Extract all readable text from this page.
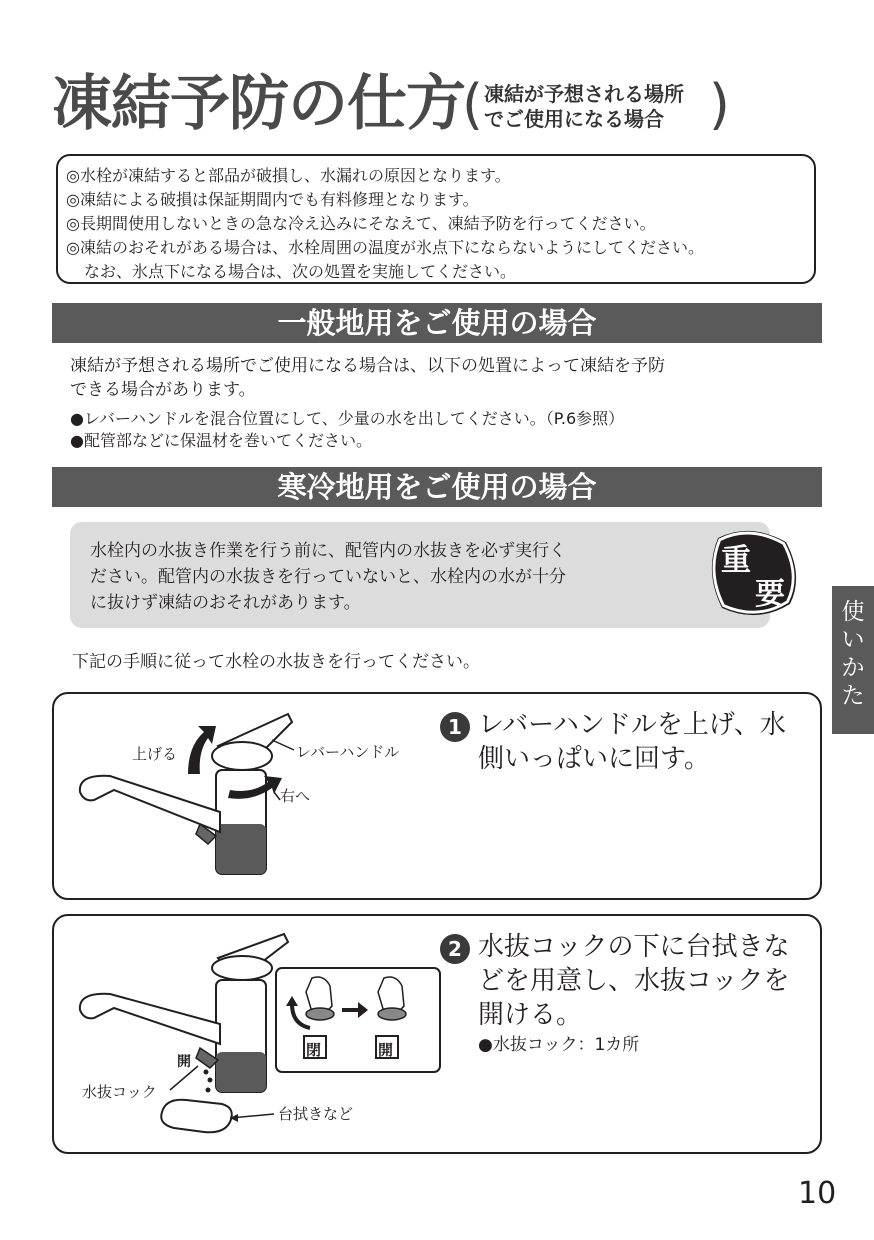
凍結予防の仕方
( 凍結が予想される場所
でご使用になる場合 )
◎水栓が凍結すると部品が破損し、水漏れの原因となります。
◎凍結による破損は保証期間内でも有料修理となります。
◎長期間使用しないときの急な冷え込みにそなえて、凍結予防を行ってください。
◎凍結のおそれがある場合は、水栓周囲の温度が氷点下にならないようにしてください。
なお、氷点下になる場合は、次の処置を実施してください。
一般地用をご使用の場合
凍結が予想される場所でご使用になる場合は、以下の処置によって凍結を予防
できる場合があります。
●レバーハンドルを混合位置にして、少量の水を出してください。（P.6参照）
●配管部などに保温材を巻いてください。
寒冷地用をご使用の場合
水栓内の水抜き作業を行う前に、配管内の水抜きを必ず実行く
ださい。配管内の水抜きを行っていないと、水栓内の水が十分
に抜けず凍結のおそれがあります。
重
要	使
い
か
た
下記の手順に従って水栓の水抜きを行ってください。
上げる	レバーハンドル
右へ
1 レバーハンドルを上げ、水
側いっぱいに回す。
開
水抜コック
台拭きなど
閉	開
2 水抜コックの下に台拭きな
どを用意し、水抜コックを
開ける。
●水抜コック：1カ所
10
